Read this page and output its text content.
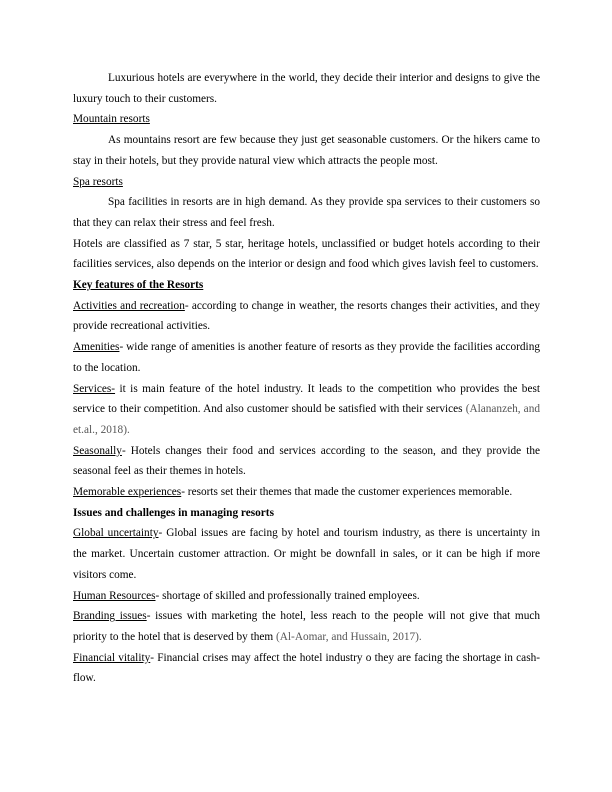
Luxurious hotels are everywhere in the world, they decide their interior and designs to give the luxury touch to their customers.

Mountain resorts

As mountains resort are few because they just get seasonable customers. Or the hikers came to stay in their hotels, but they provide natural view which attracts the people most.

Spa resorts

Spa facilities in resorts are in high demand. As they provide spa services to their customers so that they can relax their stress and feel fresh.

Hotels are classified as 7 star, 5 star, heritage hotels, unclassified or budget hotels according to their facilities services, also depends on the interior or design and food which gives lavish feel to customers.

Key features of the Resorts

Activities and recreation- according to change in weather, the resorts changes their activities, and they provide recreational activities.

Amenities- wide range of amenities is another feature of resorts as they provide the facilities according to the location.

Services- it is main feature of the hotel industry. It leads to the competition who provides the best service to their competition. And also customer should be satisfied with their services (Alananzeh, and et.al., 2018).

Seasonally- Hotels changes their food and services according to the season, and they provide the seasonal feel as their themes in hotels.

Memorable experiences- resorts set their themes that made the customer experiences memorable.

Issues and challenges in managing resorts

Global uncertainty- Global issues are facing by hotel and tourism industry, as there is uncertainty in the market. Uncertain customer attraction. Or might be downfall in sales, or it can be high if more visitors come.

Human Resources- shortage of skilled and professionally trained employees.

Branding issues- issues with marketing the hotel, less reach to the people will not give that much priority to the hotel that is deserved by them (Al-Aomar, and Hussain, 2017).

Financial vitality- Financial crises may affect the hotel industry o they are facing the shortage in cash-flow.
